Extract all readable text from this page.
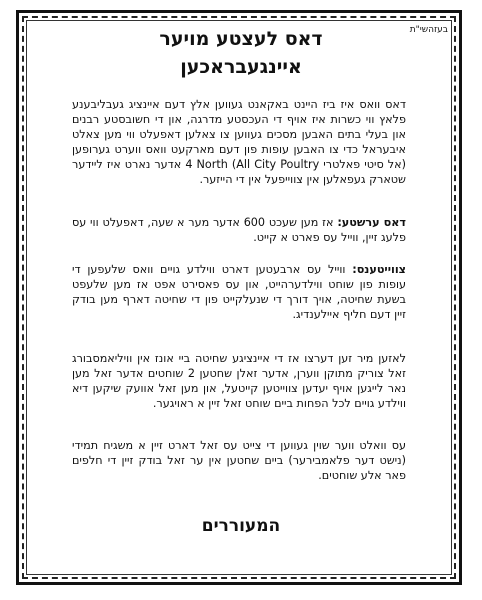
בעזהשי"ת
דאס לעצטע מויער
איינגעבראכען
דאס וואס איז ביז היינט באקאנט געווען אלץ דעם איינציג געבליבענע פלאץ ווי כשרות איז אויף די העכסטע מדרגה, און די חשובסטע רבנים און בעלי בתים האבען מסכים געווען צו צאלען דאפעלט ווי מען צאלט איבעראל כדי צו האבען עופות פון דעם מארקעט וואס ווערט גערופען (אל סיטי פאלטרי All City Poultry) 4 North אדער נארט איז ליידער שטארק געפאלען אין צווייפעל אין די הייזער.
דאס ערשטע: אז מען שעכט 600 אדער מער א שעה, דאפעלט ווי עס פלעג זיין, ווייל עס פארט א קייט.
צווייטענס: ווייל עס ארבעטען דארט ווילדע גויים וואס שלעפען די עופות פון שוחט ווילדערהייט, און עס פאסירט אפט אז מען שלעפט בשעת שחיטה, אויך דורך די שנעלקייט פון די שחיטה דארף מען בודק זיין דעם חליף איילענדיג.
לאזען מיר זען דערצו אז די איינציגע שחיטה ביי אונז אין וויליאמסבורג זאל צוריק מתוקן ווערן, אדער זאלן שחטען 2 שוחטים אדער זאל מען נאר לייגען אויף יעדען צווייטען קייטעל, און מען זאל אוועק שיקען דיא ווילדע גויים לכל הפחות ביים שוחט זאל זיין א ראויגער.
עס וואלט ווער שוין געווען די צייט עס זאל דארט זיין א משגיח תמידי (נישט דער פלאמבירער) ביים שחטען אין ער זאל בודק זיין די חלפים פאר אלע שוחטים.
המעוררים
